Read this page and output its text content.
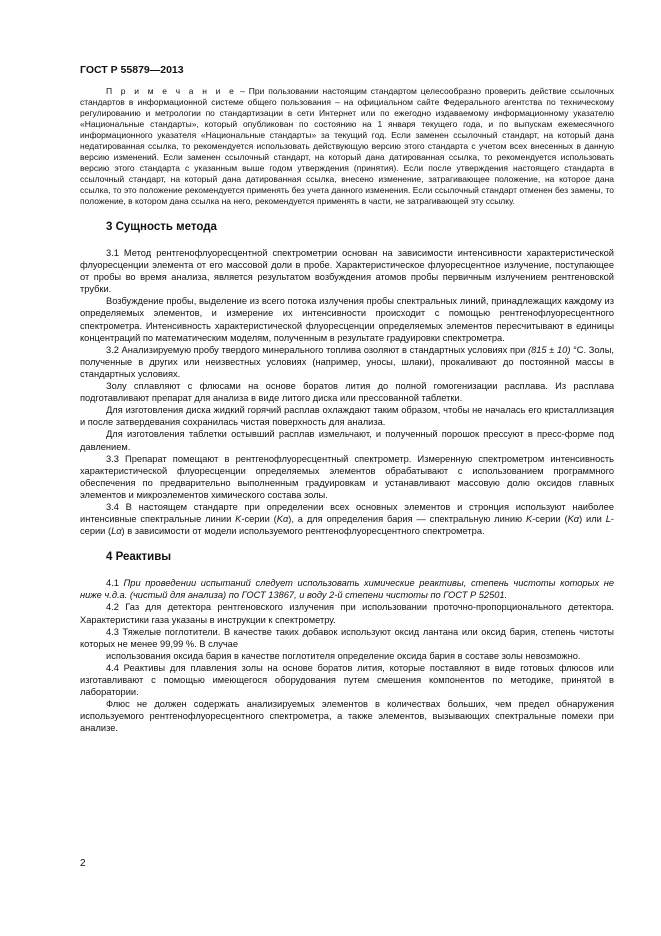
ГОСТ Р 55879—2013

П р и м е ч а н и е – При пользовании настоящим стандартом целесообразно проверить действие ссылочных стандартов в информационной системе общего пользования – на официальном сайте Федерального агентства по техническому регулированию и метрологии по стандартизации в сети Интернет или по ежегодно издаваемому информационному указателю «Национальные стандарты», который опубликован по состоянию на 1 января текущего года, и по выпускам ежемесячного информационного указателя «Национальные стандарты» за текущий год. Если заменен ссылочный стандарт, на который дана недатированная ссылка, то рекомендуется использовать действующую версию этого стандарта с учетом всех внесенных в данную версию изменений. Если заменен ссылочный стандарт, на который дана датированная ссылка, то рекомендуется использовать версию этого стандарта с указанным выше годом утверждения (принятия). Если после утверждения настоящего стандарта в ссылочный стандарт, на который дана датированная ссылка, внесено изменение, затрагивающее положение, на которое дана ссылка, то это положение рекомендуется применять без учета данного изменения. Если ссылочный стандарт отменен без замены, то положение, в котором дана ссылка на него, рекомендуется применять в части, не затрагивающей эту ссылку.

3 Сущность метода

3.1 Метод рентгенофлуоресцентной спектрометрии основан на зависимости интенсивности характеристической флуоресценции элемента от его массовой доли в пробе. Характеристическое флуоресцентное излучение, поступающее от пробы во время анализа, является результатом возбуждения атомов пробы первичным излучением рентгеновской трубки.

Возбуждение пробы, выделение из всего потока излучения пробы спектральных линий, принадлежащих каждому из определяемых элементов, и измерение их интенсивности происходит с помощью рентгенофлуоресцентного спектрометра. Интенсивность характеристической флуоресценции определяемых элементов пересчитывают в единицы концентраций по математическим моделям, полученным в результате градуировки спектрометра.

3.2 Анализируемую пробу твердого минерального топлива озоляют в стандартных условиях при (815 ± 10) °С. Золы, полученные в других или неизвестных условиях (например, уносы, шлаки), прокаливают до постоянной массы в стандартных условиях.

Золу сплавляют с флюсами на основе боратов лития до полной гомогенизации расплава. Из расплава подготавливают препарат для анализа в виде литого диска или прессованной таблетки.

Для изготовления диска жидкий горячий расплав охлаждают таким образом, чтобы не началась его кристаллизация и после затвердевания сохранилась чистая поверхность для анализа.

Для изготовления таблетки остывший расплав измельчают, и полученный порошок прессуют в пресс-форме под давлением.

3.3 Препарат помещают в рентгенофлуоресцентный спектрометр. Измеренную спектрометром интенсивность характеристической флуоресценции определяемых элементов обрабатывают с использованием программного обеспечения по предварительно выполненным градуировкам и устанавливают массовую долю оксидов главных элементов и микроэлементов химического состава золы.

3.4 В настоящем стандарте при определении всех основных элементов и стронция используют наиболее интенсивные спектральные линии K-серии (Kα), а для определения бария — спектральную линию K-серии (Kα) или L-серии (Lα) в зависимости от модели используемого рентгенофлуоресцентного спектрометра.

4 Реактивы

4.1 При проведении испытаний следует использовать химические реактивы, степень чистоты которых не ниже ч.д.а. (чистый для анализа) по ГОСТ 13867, и воду 2-й степени чистоты по ГОСТ Р 52501.

4.2 Газ для детектора рентгеновского излучения при использовании проточно-пропорционального детектора. Характеристики газа указаны в инструкции к спектрометру.

4.3 Тяжелые поглотители. В качестве таких добавок используют оксид лантана или оксид бария, степень чистоты которых не менее 99,99 %. В случае

использования оксида бария в качестве поглотителя определение оксида бария в составе золы невозможно.

4.4 Реактивы для плавления золы на основе боратов лития, которые поставляют в виде готовых флюсов или изготавливают с помощью имеющегося оборудования путем смешения компонентов по методике, принятой в лаборатории.

Флюс не должен содержать анализируемых элементов в количествах больших, чем предел обнаружения используемого рентгенофлуоресцентного спектрометра, а также элементов, вызывающих спектральные помехи при анализе.

2
